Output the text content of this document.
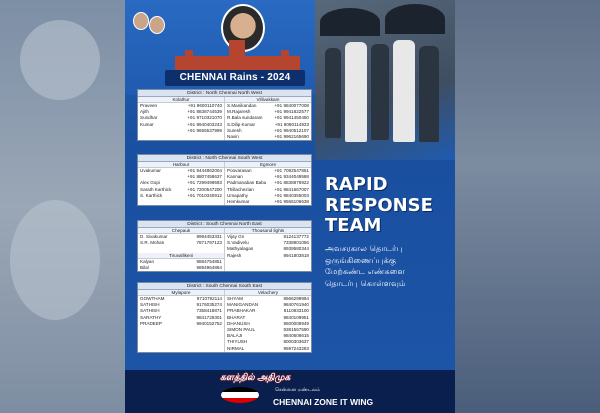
CHENNAI Rains - 2024
District : North Chennai North West
Kolathur
Praveen	+91 9600110740
Ajith	+91 8838744539
Sundhar	+91 9710321070
Kumar	+91 9940403243
+91 9655537999
Villivakkam
S.Manikandan	+91 9840077008
M.Rajaresh	+91 9941822577
R.Bala sundaram	+91 9941450450
S.Dilip Kumar	+91 9080114933
Suresh	+91 9940512107
Navin	+91 9962165690
District : North Chennai South West
Harbour
Uvakumar	+91 9444862004
+91 8807458637
Alex Gopi	+91 7299499593
Sarath Karthick	+91 7200547200
S. Karthick	+91 7010340912
Egmore
Poovarasan	+91 7092547851
Kannan	+91 9344049588
Padmanaban Babu +91 8838876922
Thillachezian	+91 9841667007
Umapathy	+91 9840355003
Hemkumar	+91 9566106638
District : South Chennai North East
Chepauk
D. Sivakumar	9994453331
S.R. Mohan	7871797123
Tiruvallikeni
Kalyan	9884754851
Bilal	9894964864
Thousand lights
Vijay Gn	8124137772
S.Vadivelu	7338901056
Mathyalagan	8939580344
Rajesh	9941803818
District : South Chennai South East
Mylapore
GOWTHAM	9710792114
SATHISH	9176035274
SATHISH	7358418871
SARATHY	9841729301
PRADEEP	9940152752
Velachery
SHYAM	9566299994
MANIGANDAN	9840761940
PRABHAKAR	8110833100
BHARAT	9840109951
DHANUSH	9500008949
SIMON PAUL	9381567590
BALAJI	9840606615
THIYUSH	8000303637
NIRMAL	9597243283
RAPID
RESPONSE
TEAM
அவசரகால தொடர்பு
ஒருங்கிணைப்புக்கு
மேற்கண்ட எண்களை
தொடர்பு கொள்ளவும்
களத்தில் அதிமுக
சென்னை மண்டலம்
CHENNAI ZONE IT WING
